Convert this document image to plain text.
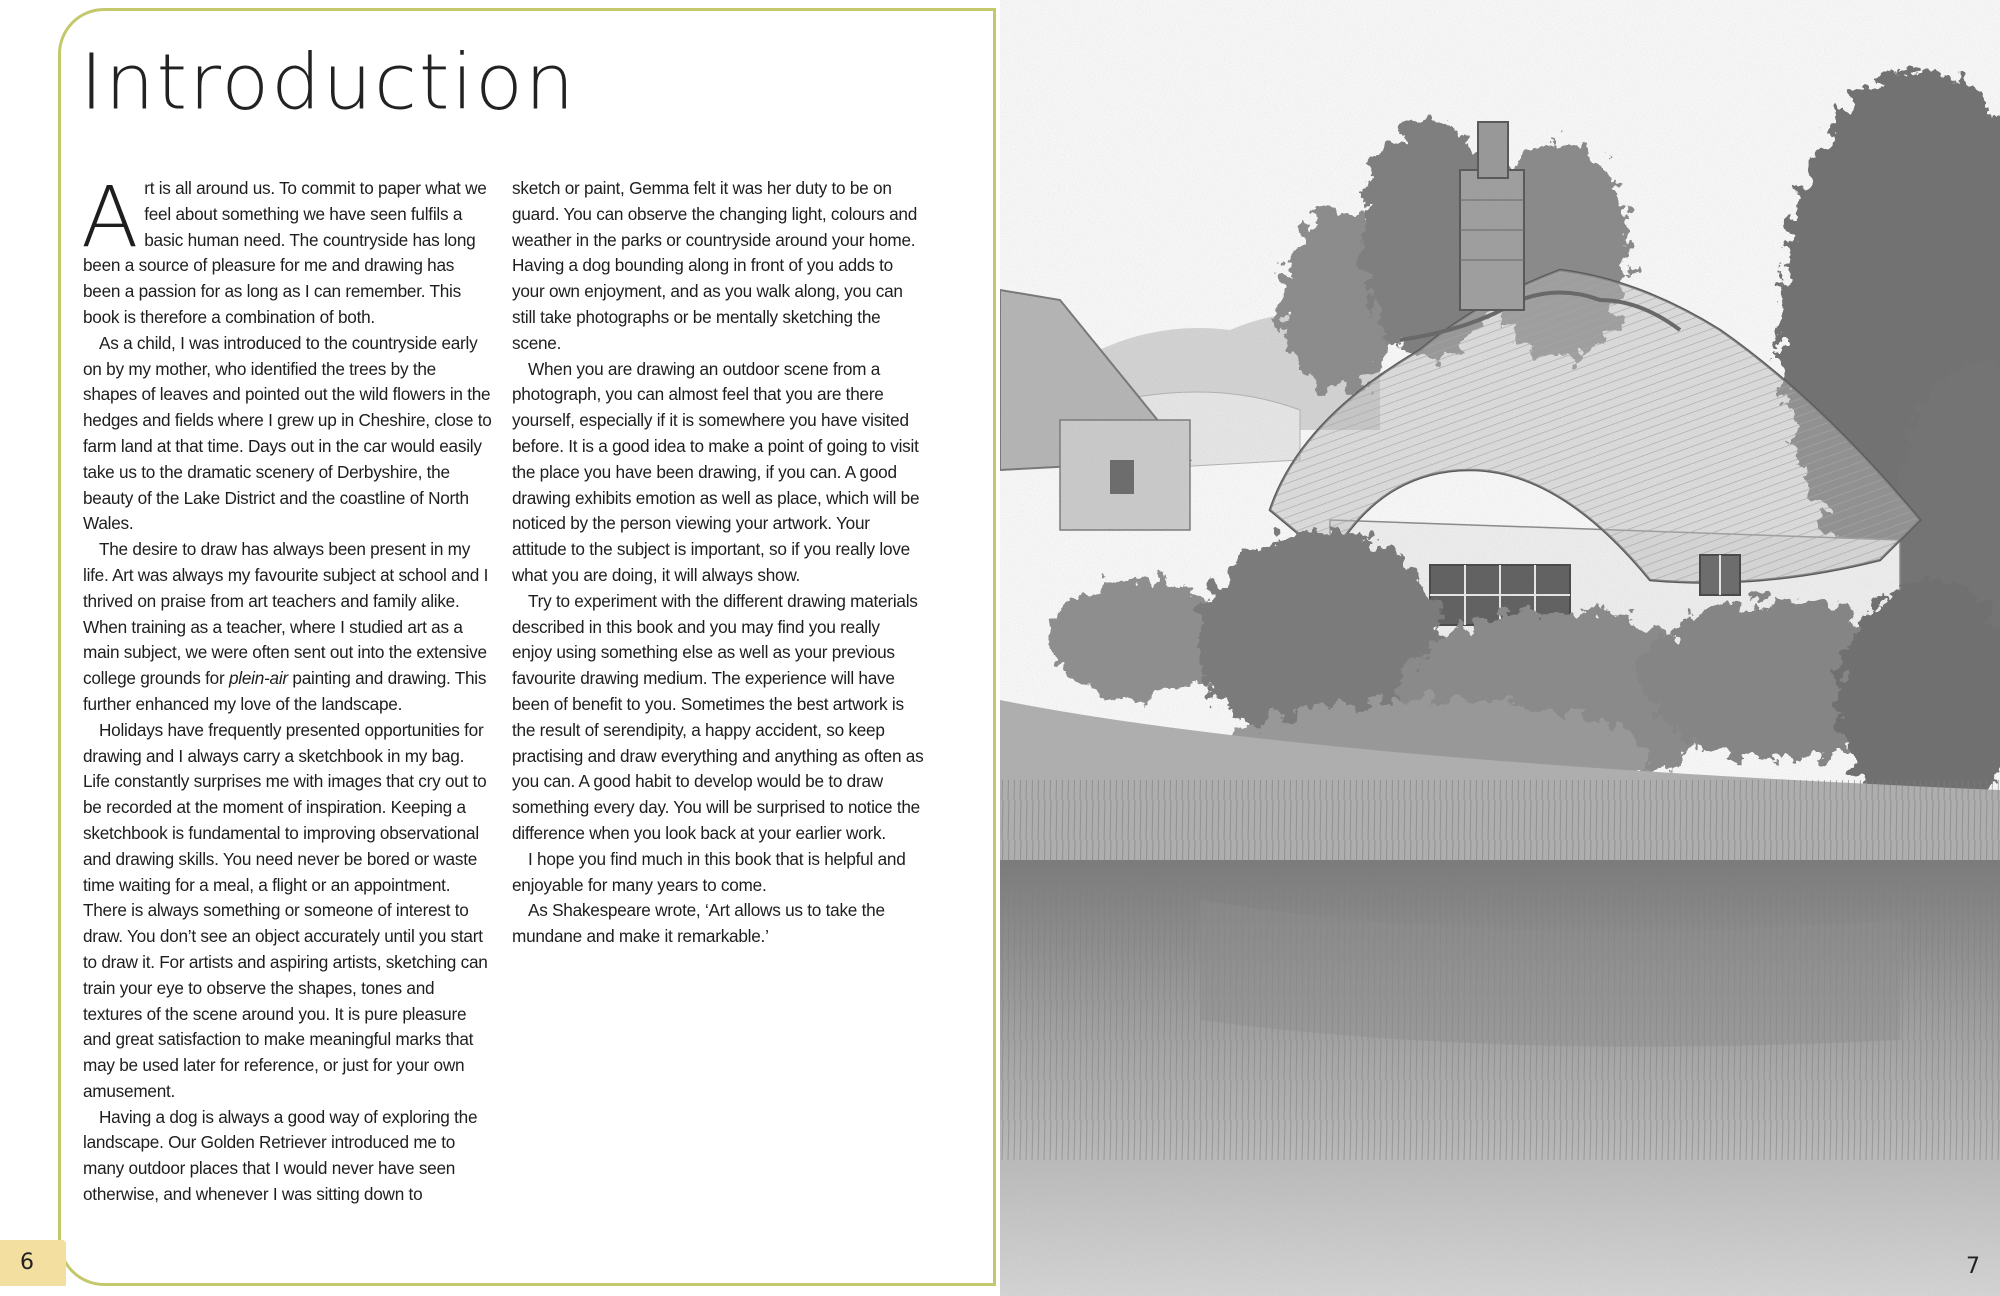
Introduction

Art is all around us. To commit to paper what we feel about something we have seen fulfils a basic human need. The countryside has long been a source of pleasure for me and drawing has been a passion for as long as I can remember. This book is therefore a combination of both.

As a child, I was introduced to the countryside early on by my mother, who identified the trees by the shapes of leaves and pointed out the wild flowers in the hedges and fields where I grew up in Cheshire, close to farm land at that time. Days out in the car would easily take us to the dramatic scenery of Derbyshire, the beauty of the Lake District and the coastline of North Wales.

The desire to draw has always been present in my life. Art was always my favourite subject at school and I thrived on praise from art teachers and family alike. When training as a teacher, where I studied art as a main subject, we were often sent out into the extensive college grounds for plein-air painting and drawing. This further enhanced my love of the landscape.

Holidays have frequently presented opportunities for drawing and I always carry a sketchbook in my bag. Life constantly surprises me with images that cry out to be recorded at the moment of inspiration. Keeping a sketchbook is fundamental to improving observational and drawing skills. You need never be bored or waste time waiting for a meal, a flight or an appointment. There is always something or someone of interest to draw. You don’t see an object accurately until you start to draw it. For artists and aspiring artists, sketching can train your eye to observe the shapes, tones and textures of the scene around you. It is pure pleasure and great satisfaction to make meaningful marks that may be used later for reference, or just for your own amusement.

Having a dog is always a good way of exploring the landscape. Our Golden Retriever introduced me to many outdoor places that I would never have seen otherwise, and whenever I was sitting down to

sketch or paint, Gemma felt it was her duty to be on guard. You can observe the changing light, colours and weather in the parks or countryside around your home. Having a dog bounding along in front of you adds to your own enjoyment, and as you walk along, you can still take photographs or be mentally sketching the scene.

When you are drawing an outdoor scene from a photograph, you can almost feel that you are there yourself, especially if it is somewhere you have visited before. It is a good idea to make a point of going to visit the place you have been drawing, if you can. A good drawing exhibits emotion as well as place, which will be noticed by the person viewing your artwork. Your attitude to the subject is important, so if you really love what you are doing, it will always show.

Try to experiment with the different drawing materials described in this book and you may find you really enjoy using something else as well as your previous favourite drawing medium. The experience will have been of benefit to you. Sometimes the best artwork is the result of serendipity, a happy accident, so keep practising and draw everything and anything as often as you can. A good habit to develop would be to draw something every day. You will be surprised to notice the difference when you look back at your earlier work.

I hope you find much in this book that is helpful and enjoyable for many years to come.

As Shakespeare wrote, ‘Art allows us to take the mundane and make it remarkable.’

6	7
